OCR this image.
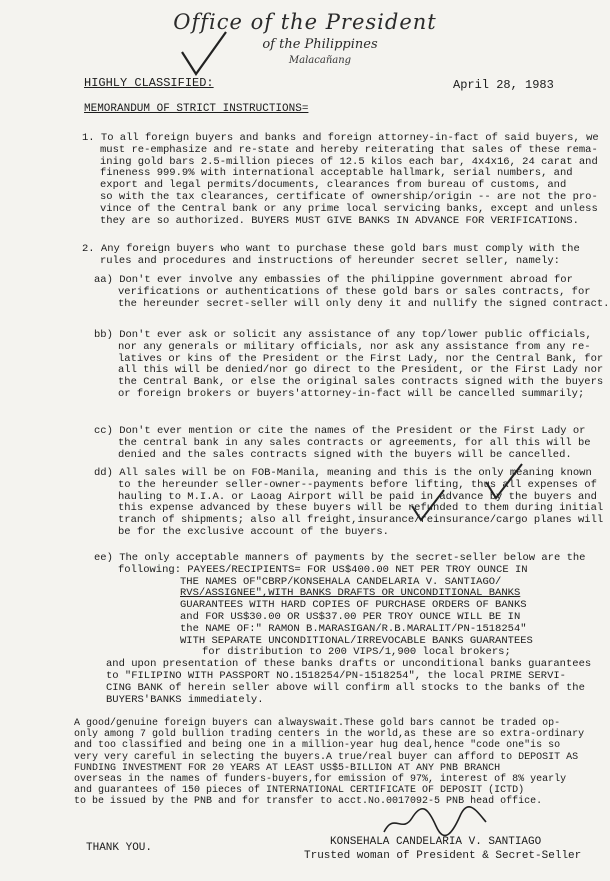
Office of the President
of the Philippines
Malacañang
HIGHLY CLASSIFIED:	April 28, 1983
MEMORANDUM OF STRICT INSTRUCTIONS=
1. To all foreign buyers and banks and foreign attorney-in-fact of said buyers, we
must re-emphasize and re-state and hereby reiterating that sales of these rema-
ining gold bars 2.5-million pieces of 12.5 kilos each bar, 4x4x16, 24 carat and
fineness 999.9% with international acceptable hallmark, serial numbers, and
export and legal permits/documents, clearances from bureau of customs, and
so with the tax clearances, certificate of ownership/origin -- are not the pro-
vince of the Central bank or any prime local servicing banks, except and unless
they are so authorized. BUYERS MUST GIVE BANKS IN ADVANCE FOR VERIFICATIONS.
2. Any foreign buyers who want to purchase these gold bars must comply with the
rules and procedures and instructions of hereunder secret seller, namely:
aa) Don't ever involve any embassies of the philippine government abroad for
verifications or authentications of these gold bars or sales contracts, for
the hereunder secret-seller will only deny it and nullify the signed contract.
bb) Don't ever ask or solicit any assistance of any top/lower public officials,
nor any generals or military officials, nor ask any assistance from any re-
latives or kins of the President or the First Lady, nor the Central Bank, for
all this will be denied/nor go direct to the President, or the First Lady nor
the Central Bank, or else the original sales contracts signed with the buyers
or foreign brokers or buyers'attorney-in-fact will be cancelled summarily;
cc) Don't ever mention or cite the names of the President or the First Lady or
the central bank in any sales contracts or agreements, for all this will be
denied and the sales contracts signed with the buyers will be cancelled.
dd) All sales will be on FOB-Manila, meaning and this is the only meaning known
to the hereunder seller-owner--payments before lifting, thus all expenses of
hauling to M.I.A. or Laoag Airport will be paid in advance by the buyers and
this expense advanced by these buyers will be refunded to them during initial
tranch of shipments; also all freight,insurance/reinsurance/cargo planes will
be for the exclusive account of the buyers.
ee) The only acceptable manners of payments by the secret-seller below are the
following: PAYEES/RECIPIENTS= FOR US$400.00 NET PER TROY OUNCE IN
THE NAMES OF"CBRP/KONSEHALA CANDELARIA V. SANTIAGO/
RVS/ASSIGNEE",WITH BANKS DRAFTS OR UNCONDITIONAL BANKS
GUARANTEES WITH HARD COPIES OF PURCHASE ORDERS OF BANKS
and FOR US$30.00 OR US$37.00 PER TROY OUNCE WILL BE IN
the NAME OF:" RAMON B.MARASIGAN/R.B.MARALIT/PN-1518254"
WITH SEPARATE UNCONDITIONAL/IRREVOCABLE BANKS GUARANTEES
for distribution to 200 VIPS/1,900 local brokers;
and upon presentation of these banks drafts or unconditional banks guarantees
to "FILIPINO WITH PASSPORT NO.1518254/PN-1518254", the local PRIME SERVI-
CING BANK of herein seller above will confirm all stocks to the banks of the
BUYERS'BANKS immediately.
A good/genuine foreign buyers can alwayswait.These gold bars cannot be traded op-
only among 7 gold bullion trading centers in the world,as these are so extra-ordinary
and too classified and being one in a million-year hug deal,hence "code one"is so
very very careful in selecting the buyers.A true/real buyer can afford to DEPOSIT AS
FUNDING INVESTMENT FOR 20 YEARS AT LEAST US$5-BILLION AT ANY PNB BRANCH
overseas in the names of funders-buyers,for emission of 97%, interest of 8% yearly
and guarantees of 150 pieces of INTERNATIONAL CERTIFICATE OF DEPOSIT (ICTD)
to be issued by the PNB and for transfer to acct.No.0017092-5 PNB head office.
THANK YOU.	KONSEHALA CANDELARIA V. SANTIAGO
Trusted woman of President & Secret-Seller
